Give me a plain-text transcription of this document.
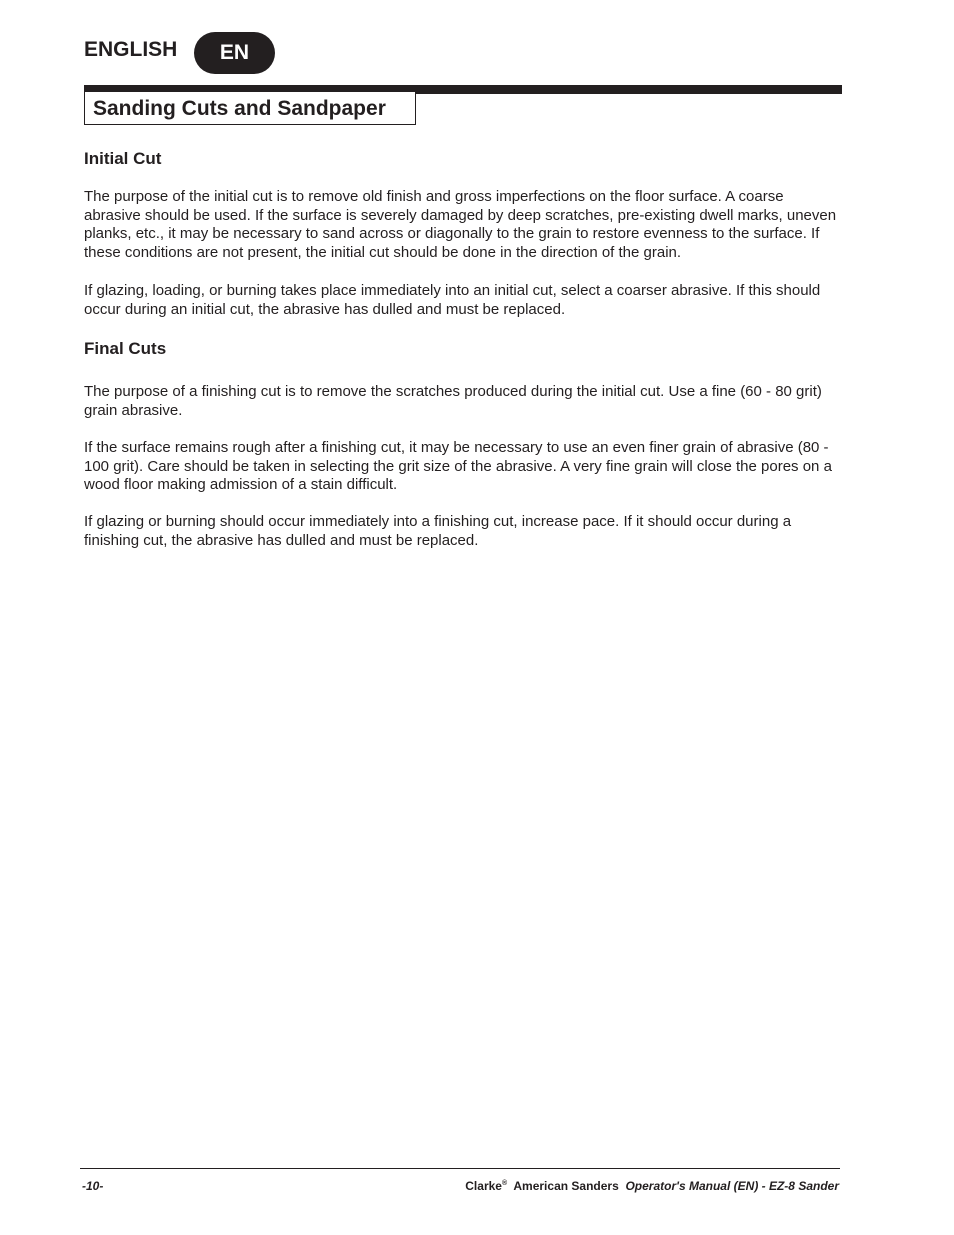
ENGLISH	EN
Sanding Cuts and Sandpaper
Initial Cut

The purpose of the initial cut is to remove old finish and gross imperfections on the floor surface. A coarse abrasive should be used. If the surface is severely damaged by deep scratches, pre-existing dwell marks, uneven planks, etc., it may be necessary to sand across or diagonally to the grain to restore evenness to the surface. If these conditions are not present, the initial cut should be done in the direction of the grain.

If glazing, loading, or burning takes place immediately into an initial cut, select a coarser abrasive. If this should occur during an initial cut, the abrasive has dulled and must be replaced.

Final Cuts

The purpose of a finishing cut is to remove the scratches produced during the initial cut. Use a fine (60 - 80 grit) grain abrasive.

If the surface remains rough after a finishing cut, it may be necessary to use an even finer grain of abrasive (80 - 100 grit). Care should be taken in selecting the grit size of the abrasive. A very fine grain will close the pores on a wood floor making admission of a stain difficult.

If glazing or burning should occur immediately into a finishing cut, increase pace. If it should occur during a finishing cut, the abrasive has dulled and must be replaced.

-10-	Clarke® American Sanders Operator's Manual (EN) - EZ-8 Sander
